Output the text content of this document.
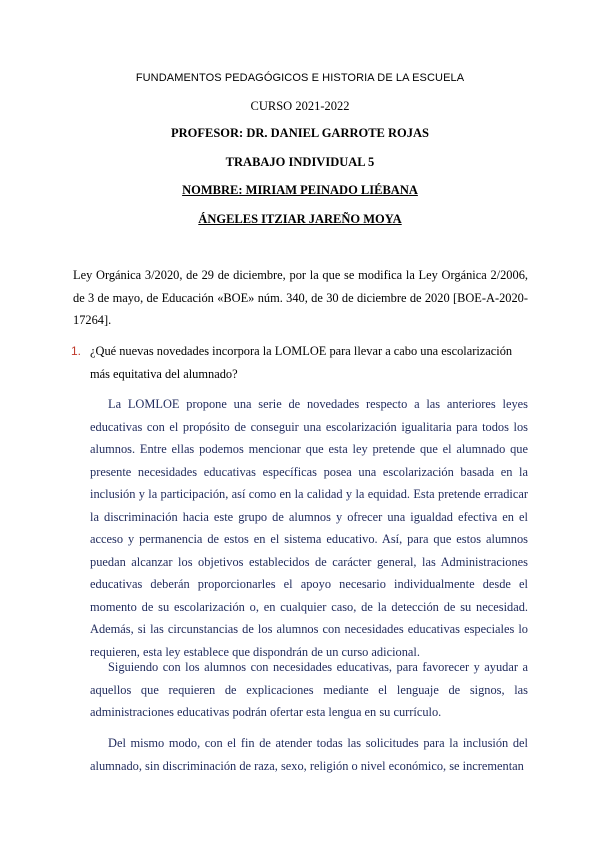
FUNDAMENTOS PEDAGÓGICOS E HISTORIA DE LA ESCUELA
CURSO 2021-2022
PROFESOR: DR. DANIEL GARROTE ROJAS
TRABAJO INDIVIDUAL 5
NOMBRE: MIRIAM PEINADO LIÉBANA
ÁNGELES ITZIAR JAREÑO MOYA
Ley Orgánica 3/2020, de 29 de diciembre, por la que se modifica la Ley Orgánica 2/2006, de 3 de mayo, de Educación «BOE» núm. 340, de 30 de diciembre de 2020 [BOE-A-2020-17264].
1. ¿Qué nuevas novedades incorpora la LOMLOE para llevar a cabo una escolarización más equitativa del alumnado?
La LOMLOE propone una serie de novedades respecto a las anteriores leyes educativas con el propósito de conseguir una escolarización igualitaria para todos los alumnos. Entre ellas podemos mencionar que esta ley pretende que el alumnado que presente necesidades educativas específicas posea una escolarización basada en la inclusión y la participación, así como en la calidad y la equidad. Esta pretende erradicar la discriminación hacia este grupo de alumnos y ofrecer una igualdad efectiva en el acceso y permanencia de estos en el sistema educativo. Así, para que estos alumnos puedan alcanzar los objetivos establecidos de carácter general, las Administraciones educativas deberán proporcionarles el apoyo necesario individualmente desde el momento de su escolarización o, en cualquier caso, de la detección de su necesidad. Además, si las circunstancias de los alumnos con necesidades educativas especiales lo requieren, esta ley establece que dispondrán de un curso adicional.
Siguiendo con los alumnos con necesidades educativas, para favorecer y ayudar a aquellos que requieren de explicaciones mediante el lenguaje de signos, las administraciones educativas podrán ofertar esta lengua en su currículo.
Del mismo modo, con el fin de atender todas las solicitudes para la inclusión del alumnado, sin discriminación de raza, sexo, religión o nivel económico, se incrementan
